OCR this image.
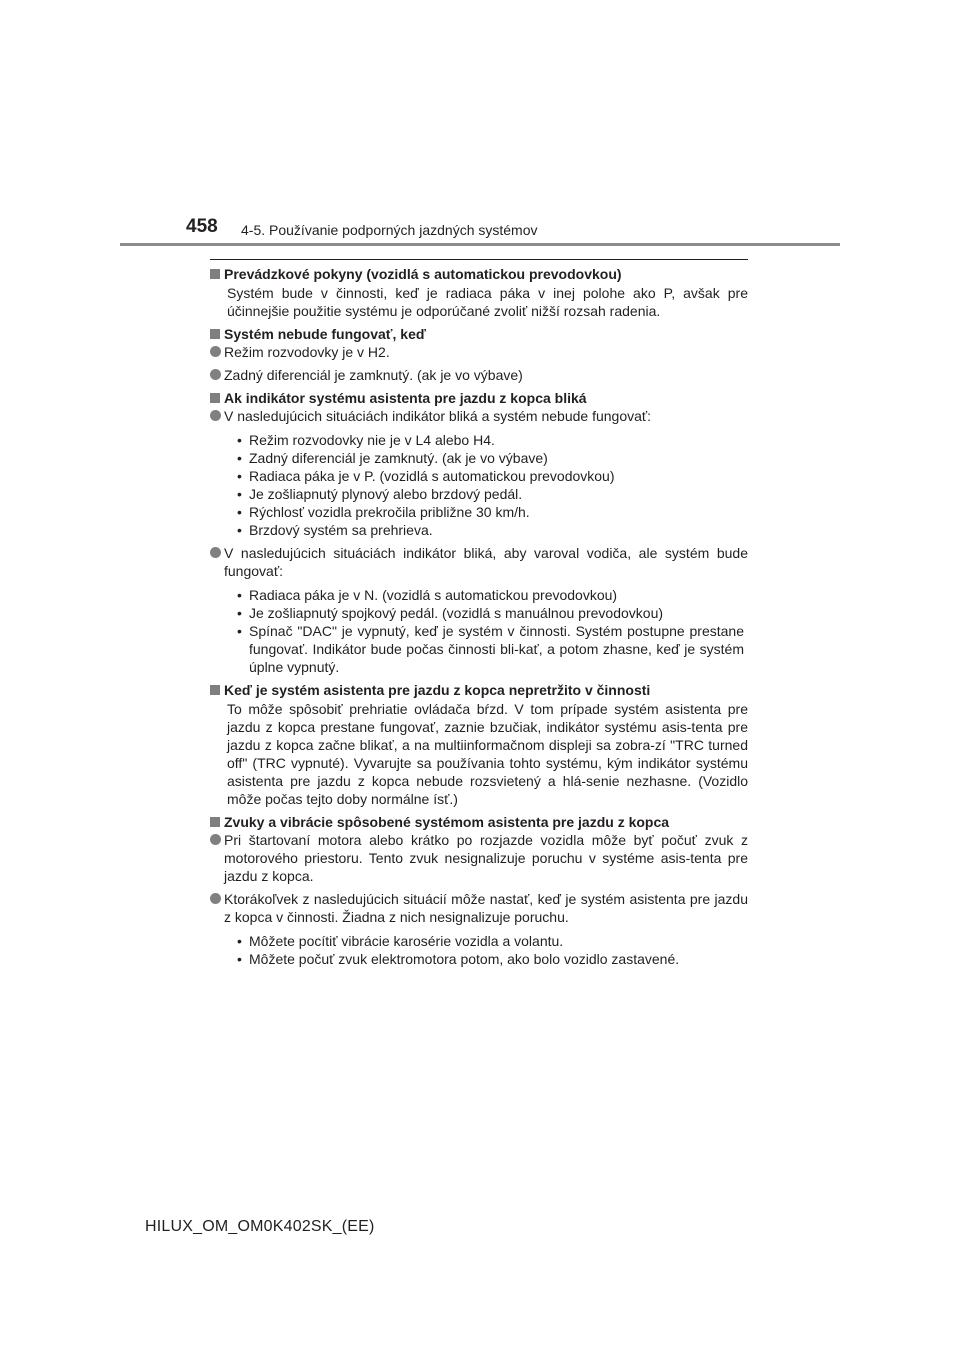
458 4-5. Používanie podporných jazdných systémov
Prevádzkové pokyny (vozidlá s automatickou prevodovkou)
Systém bude v činnosti, keď je radiaca páka v inej polohe ako P, avšak pre účinnejšie použitie systému je odporúčané zvoliť nižší rozsah radenia.
Systém nebude fungovať, keď
Režim rozvodovky je v H2.
Zadný diferenciál je zamknutý. (ak je vo výbave)
Ak indikátor systému asistenta pre jazdu z kopca bliká
V nasledujúcich situáciách indikátor bliká a systém nebude fungovať:
• Režim rozvodovky nie je v L4 alebo H4.
• Zadný diferenciál je zamknutý. (ak je vo výbave)
• Radiaca páka je v P. (vozidlá s automatickou prevodovkou)
• Je zošliapnutý plynový alebo brzdový pedál.
• Rýchlosť vozidla prekročila približne 30 km/h.
• Brzdový systém sa prehrieva.
V nasledujúcich situáciách indikátor bliká, aby varoval vodiča, ale systém bude fungovať:
• Radiaca páka je v N. (vozidlá s automatickou prevodovkou)
• Je zošliapnutý spojkový pedál. (vozidlá s manuálnou prevodovkou)
• Spínač "DAC" je vypnutý, keď je systém v činnosti. Systém postupne prestane fungovať. Indikátor bude počas činnosti bli-kať, a potom zhasne, keď je systém úplne vypnutý.
Keď je systém asistenta pre jazdu z kopca nepretržito v činnosti
To môže spôsobiť prehriatie ovládača bŕzd. V tom prípade systém asistenta pre jazdu z kopca prestane fungovať, zaznie bzučiak, indikátor systému asis-tenta pre jazdu z kopca začne blikať, a na multiinformačnom displeji sa zobra-zí "TRC turned off" (TRC vypnuté). Vyvarujte sa používania tohto systému, kým indikátor systému asistenta pre jazdu z kopca nebude rozsvietený a hlá-senie nezhasne. (Vozidlo môže počas tejto doby normálne ísť.)
Zvuky a vibrácie spôsobené systémom asistenta pre jazdu z kopca
Pri štartovaní motora alebo krátko po rozjazde vozidla môže byť počuť zvuk z motorového priestoru. Tento zvuk nesignalizuje poruchu v systéme asis-tenta pre jazdu z kopca.
Ktorákoľvek z nasledujúcich situácií môže nastať, keď je systém asistenta pre jazdu z kopca v činnosti. Žiadna z nich nesignalizuje poruchu.
• Môžete pocítiť vibrácie karosérie vozidla a volantu.
• Môžete počuť zvuk elektromotora potom, ako bolo vozidlo zastavené.
HILUX_OM_OM0K402SK_(EE)
